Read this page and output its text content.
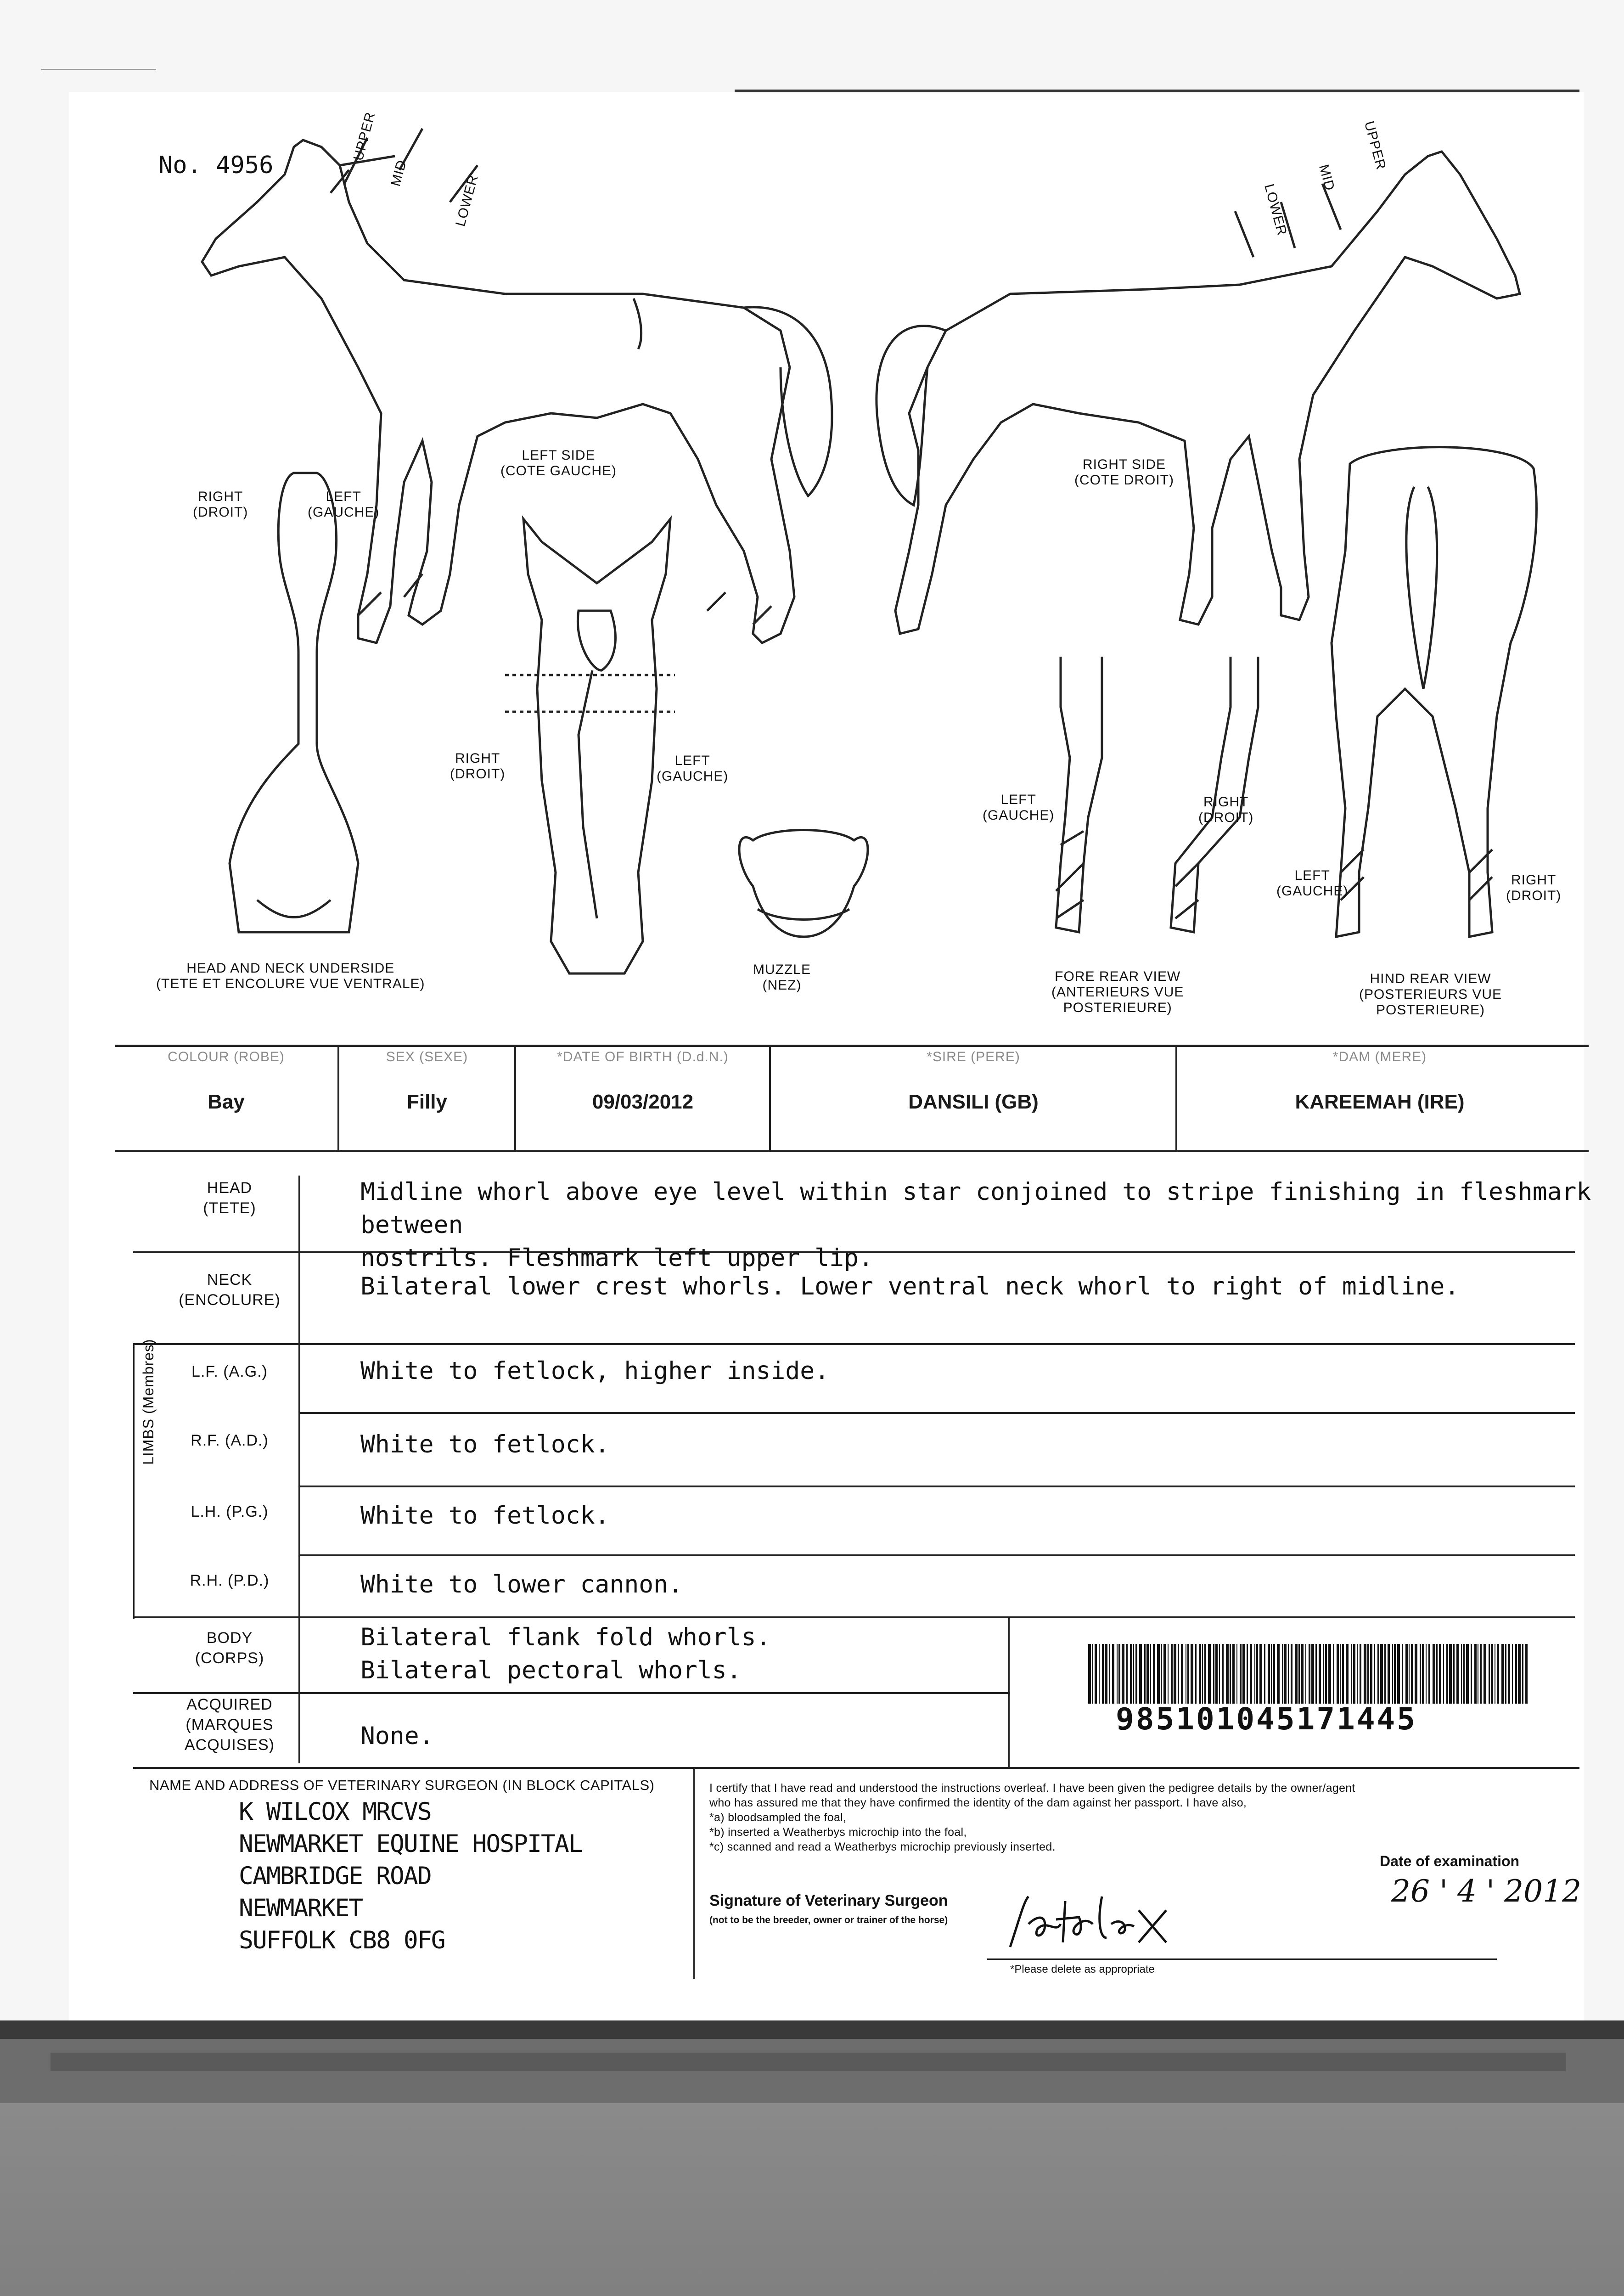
No. 4956
UPPER
MID
LOWER
UPPER
MID
LOWER
LEFT SIDE
(COTE GAUCHE)	RIGHT SIDE
(COTE DROIT)
RIGHT
(DROIT)
LEFT
(GAUCHE)
RIGHT
(DROIT)
LEFT
(GAUCHE)
LEFT
(GAUCHE)
RIGHT
(DROIT)
LEFT
(GAUCHE)
RIGHT
(DROIT)
HEAD AND NECK UNDERSIDE
(TETE ET ENCOLURE VUE VENTRALE)
MUZZLE
(NEZ)
FORE REAR VIEW
(ANTERIEURS VUE
POSTERIEURE)
HIND REAR VIEW
(POSTERIEURS VUE
POSTERIEURE)
COLOUR (ROBE)	SEX (SEXE)	*DATE OF BIRTH (D.d.N.)	*SIRE (PERE)	*DAM (MERE)
Bay	Filly	09/03/2012	DANSILI (GB)	KAREEMAH (IRE)
LIMBS (Membres)
HEAD
(TETE)
Midline whorl above eye level within star conjoined to stripe finishing in fleshmark between
nostrils. Fleshmark left upper lip.
NECK
(ENCOLURE)	Bilateral lower crest whorls. Lower ventral neck whorl to right of midline.
L.F. (A.G.)	White to fetlock, higher inside.
R.F. (A.D.)	White to fetlock.
L.H. (P.G.)	White to fetlock.
R.H. (P.D.)	White to lower cannon.
BODY
(CORPS)
Bilateral flank fold whorls.
Bilateral pectoral whorls.
ACQUIRED
(MARQUES
ACQUISES)	None.	985101045171445
NAME AND ADDRESS OF VETERINARY SURGEON (IN BLOCK CAPITALS)
K WILCOX MRCVS
NEWMARKET EQUINE HOSPITAL
CAMBRIDGE ROAD
NEWMARKET
SUFFOLK CB8 0FG
I certify that I have read and understood the instructions overleaf. I have been given the pedigree details by the owner/agent
who has assured me that they have confirmed the identity of the dam against her passport. I have also,
*a) bloodsampled the foal,
*b) inserted a Weatherbys microchip into the foal,
*c) scanned and read a Weatherbys microchip previously inserted.
Signature of Veterinary Surgeon
(not to be the breeder, owner or trainer of the horse)
Date of examination
26 ' 4 ' 2012
*Please delete as appropriate
